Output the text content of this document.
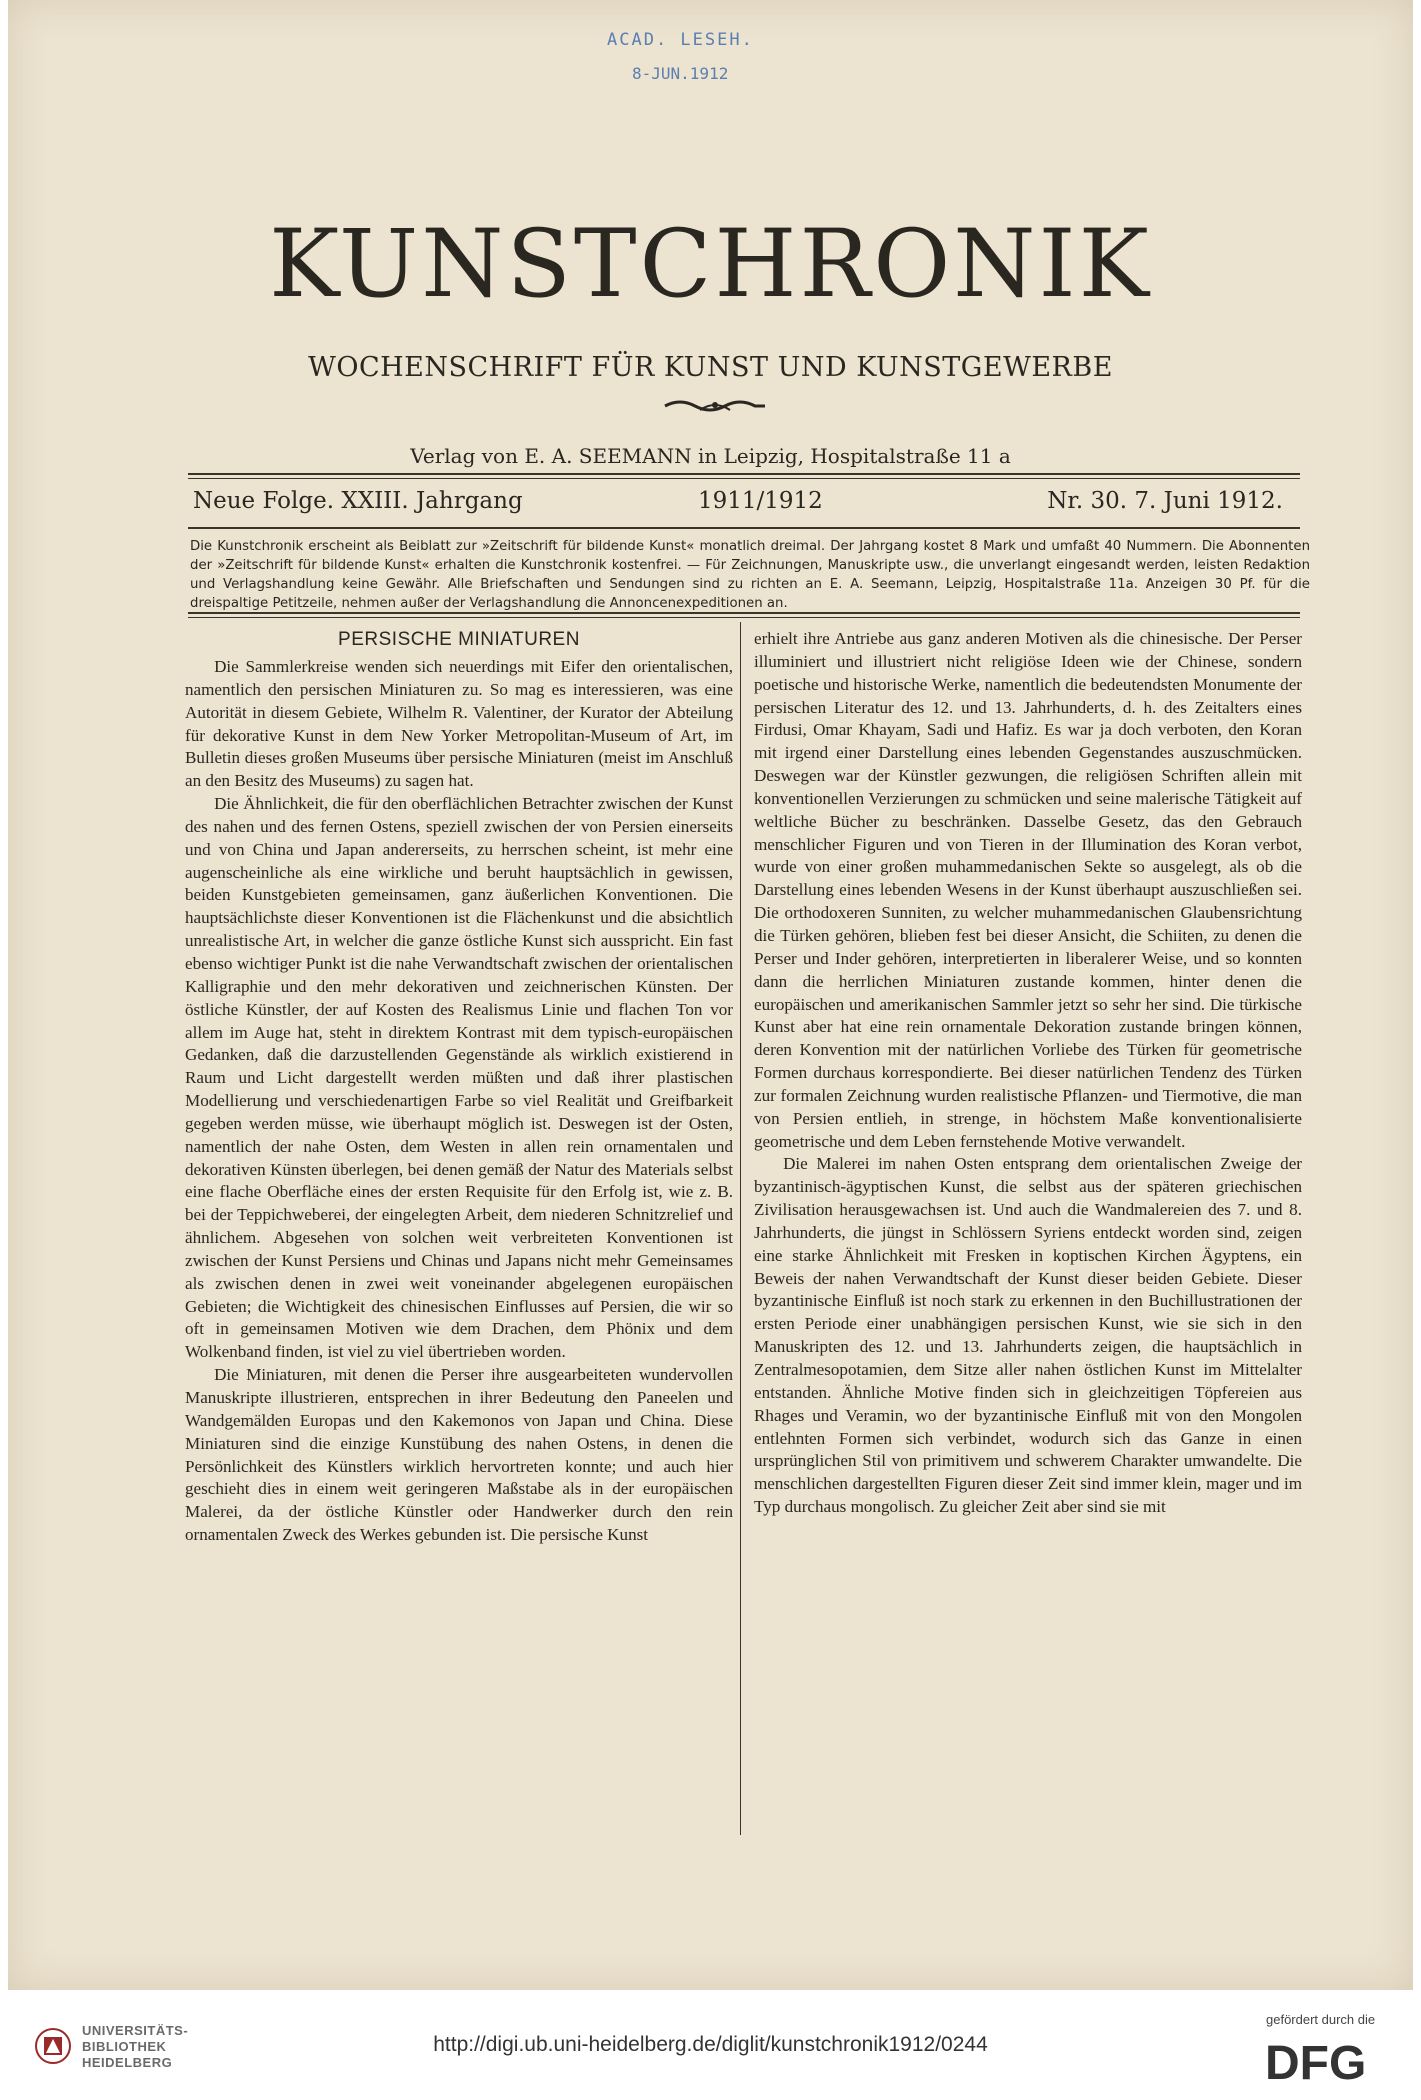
ACAD. LESEH.
8-JUN.1912
KUNSTCHRONIK
WOCHENSCHRIFT FÜR KUNST UND KUNSTGEWERBE
Verlag von E. A. SEEMANN in Leipzig, Hospitalstraße 11 a
Neue Folge. XXIII. Jahrgang	1911/1912	Nr. 30. 7. Juni 1912.
Die Kunstchronik erscheint als Beiblatt zur »Zeitschrift für bildende Kunst« monatlich dreimal. Der Jahrgang kostet 8 Mark und umfaßt 40 Nummern. Die Abonnenten der »Zeitschrift für bildende Kunst« erhalten die Kunstchronik kostenfrei. — Für Zeichnungen, Manuskripte usw., die unverlangt eingesandt werden, leisten Redaktion und Verlagshandlung keine Gewähr. Alle Briefschaften und Sendungen sind zu richten an E. A. Seemann, Leipzig, Hospitalstraße 11a. Anzeigen 30 Pf. für die dreispaltige Petitzeile, nehmen außer der Verlagshandlung die Annoncenexpeditionen an.
PERSISCHE MINIATUREN

Die Sammlerkreise wenden sich neuerdings mit Eifer den orientalischen, namentlich den persischen Miniaturen zu. So mag es interessieren, was eine Autorität in diesem Gebiete, Wilhelm R. Valentiner, der Kurator der Abteilung für dekorative Kunst in dem New Yorker Metropolitan-Museum of Art, im Bulletin dieses großen Museums über persische Miniaturen (meist im Anschluß an den Besitz des Museums) zu sagen hat.

Die Ähnlichkeit, die für den oberflächlichen Betrachter zwischen der Kunst des nahen und des fernen Ostens, speziell zwischen der von Persien einerseits und von China und Japan andererseits, zu herrschen scheint, ist mehr eine augenscheinliche als eine wirkliche und beruht hauptsächlich in gewissen, beiden Kunstgebieten gemeinsamen, ganz äußerlichen Konventionen. Die hauptsächlichste dieser Konventionen ist die Flächenkunst und die absichtlich unrealistische Art, in welcher die ganze östliche Kunst sich ausspricht. Ein fast ebenso wichtiger Punkt ist die nahe Verwandtschaft zwischen der orientalischen Kalligraphie und den mehr dekorativen und zeichnerischen Künsten. Der östliche Künstler, der auf Kosten des Realismus Linie und flachen Ton vor allem im Auge hat, steht in direktem Kontrast mit dem typisch-europäischen Gedanken, daß die darzustellenden Gegenstände als wirklich existierend in Raum und Licht dargestellt werden müßten und daß ihrer plastischen Modellierung und verschiedenartigen Farbe so viel Realität und Greifbarkeit gegeben werden müsse, wie überhaupt möglich ist. Deswegen ist der Osten, namentlich der nahe Osten, dem Westen in allen rein ornamentalen und dekorativen Künsten überlegen, bei denen gemäß der Natur des Materials selbst eine flache Oberfläche eines der ersten Requisite für den Erfolg ist, wie z. B. bei der Teppichweberei, der eingelegten Arbeit, dem niederen Schnitzrelief und ähnlichem. Abgesehen von solchen weit verbreiteten Konventionen ist zwischen der Kunst Persiens und Chinas und Japans nicht mehr Gemeinsames als zwischen denen in zwei weit voneinander abgelegenen europäischen Gebieten; die Wichtigkeit des chinesischen Einflusses auf Persien, die wir so oft in gemeinsamen Motiven wie dem Drachen, dem Phönix und dem Wolkenband finden, ist viel zu viel übertrieben worden.

Die Miniaturen, mit denen die Perser ihre ausgearbeiteten wundervollen Manuskripte illustrieren, entsprechen in ihrer Bedeutung den Paneelen und Wandgemälden Europas und den Kakemonos von Japan und China. Diese Miniaturen sind die einzige Kunstübung des nahen Ostens, in denen die Persönlichkeit des Künstlers wirklich hervortreten konnte; und auch hier geschieht dies in einem weit geringeren Maßstabe als in der europäischen Malerei, da der östliche Künstler oder Handwerker durch den rein ornamentalen Zweck des Werkes gebunden ist. Die persische Kunst

erhielt ihre Antriebe aus ganz anderen Motiven als die chinesische. Der Perser illuminiert und illustriert nicht religiöse Ideen wie der Chinese, sondern poetische und historische Werke, namentlich die bedeutendsten Monumente der persischen Literatur des 12. und 13. Jahrhunderts, d. h. des Zeitalters eines Firdusi, Omar Khayam, Sadi und Hafiz. Es war ja doch verboten, den Koran mit irgend einer Darstellung eines lebenden Gegenstandes auszuschmücken. Deswegen war der Künstler gezwungen, die religiösen Schriften allein mit konventionellen Verzierungen zu schmücken und seine malerische Tätigkeit auf weltliche Bücher zu beschränken. Dasselbe Gesetz, das den Gebrauch menschlicher Figuren und von Tieren in der Illumination des Koran verbot, wurde von einer großen muhammedanischen Sekte so ausgelegt, als ob die Darstellung eines lebenden Wesens in der Kunst überhaupt auszuschließen sei. Die orthodoxeren Sunniten, zu welcher muhammedanischen Glaubensrichtung die Türken gehören, blieben fest bei dieser Ansicht, die Schiiten, zu denen die Perser und Inder gehören, interpretierten in liberalerer Weise, und so konnten dann die herrlichen Miniaturen zustande kommen, hinter denen die europäischen und amerikanischen Sammler jetzt so sehr her sind. Die türkische Kunst aber hat eine rein ornamentale Dekoration zustande bringen können, deren Konvention mit der natürlichen Vorliebe des Türken für geometrische Formen durchaus korrespondierte. Bei dieser natürlichen Tendenz des Türken zur formalen Zeichnung wurden realistische Pflanzen- und Tiermotive, die man von Persien entlieh, in strenge, in höchstem Maße konventionalisierte geometrische und dem Leben fernstehende Motive verwandelt.

Die Malerei im nahen Osten entsprang dem orientalischen Zweige der byzantinisch-ägyptischen Kunst, die selbst aus der späteren griechischen Zivilisation herausgewachsen ist. Und auch die Wandmalereien des 7. und 8. Jahrhunderts, die jüngst in Schlössern Syriens entdeckt worden sind, zeigen eine starke Ähnlichkeit mit Fresken in koptischen Kirchen Ägyptens, ein Beweis der nahen Verwandtschaft der Kunst dieser beiden Gebiete. Dieser byzantinische Einfluß ist noch stark zu erkennen in den Buchillustrationen der ersten Periode einer unabhängigen persischen Kunst, wie sie sich in den Manuskripten des 12. und 13. Jahrhunderts zeigen, die hauptsächlich in Zentralmesopotamien, dem Sitze aller nahen östlichen Kunst im Mittelalter entstanden. Ähnliche Motive finden sich in gleichzeitigen Töpfereien aus Rhages und Veramin, wo der byzantinische Einfluß mit von den Mongolen entlehnten Formen sich verbindet, wodurch sich das Ganze in einen ursprünglichen Stil von primitivem und schwerem Charakter umwandelte. Die menschlichen dargestellten Figuren dieser Zeit sind immer klein, mager und im Typ durchaus mongolisch. Zu gleicher Zeit aber sind sie mit

UNIVERSITÄTS-
BIBLIOTHEK
HEIDELBERG
http://digi.ub.uni-heidelberg.de/diglit/kunstchronik1912/0244
gefördert durch die
DFG
